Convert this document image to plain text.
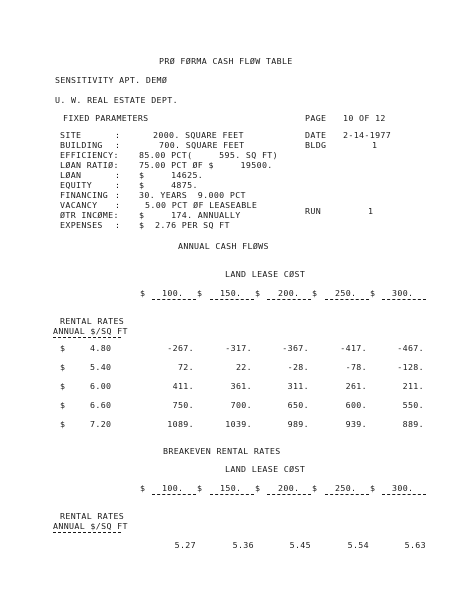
PRØ FØRMA CASH FLØW TABLE
SENSITIVITY APT. DEMØ
U. W. REAL ESTATE DEPT.
FIXED PARAMETERS
SITE	:	2000. SQUARE FEET
BUILDING :	700. SQUARE FEET
EFFICIENCY: 85.00 PCT(     595. SQ FT)
LØAN RATIØ: 75.00 PCT ØF $     19500.
LØAN	: $     14625.
EQUITY	: $     4875.
FINANCING : 30. YEARS  9.000 PCT
VACANCY :	5.00 PCT ØF LEASEABLE
ØTR INCØME: $     174. ANNUALLY
EXPENSES : $  2.76 PER SQ FT
PAGE 10 OF 12
DATE 2-14-1977
BLDG	1
RUN	1
ANNUAL CASH FLØWS
LAND LEASE CØST
$ 100. $ 150. $ 200. $ 250. $ 300.
RENTAL RATES
ANNUAL $/SQ FT
$	4.80	-267.	-317.	-367.	-417.	-467.
$	5.40	72.	22.	-28.	-78.	-128.
$	6.00	411.	361.	311.	261.	211.
$	6.60	750.	700.	650.	600.	550.
$	7.20	1089.	1039.	989.	939.	889.
BREAKEVEN RENTAL RATES
LAND LEASE CØST
$ 100. $ 150. $ 200. $ 250. $ 300.
RENTAL RATES
ANNUAL $/SQ FT
5.27	5.36	5.45	5.54	5.63
